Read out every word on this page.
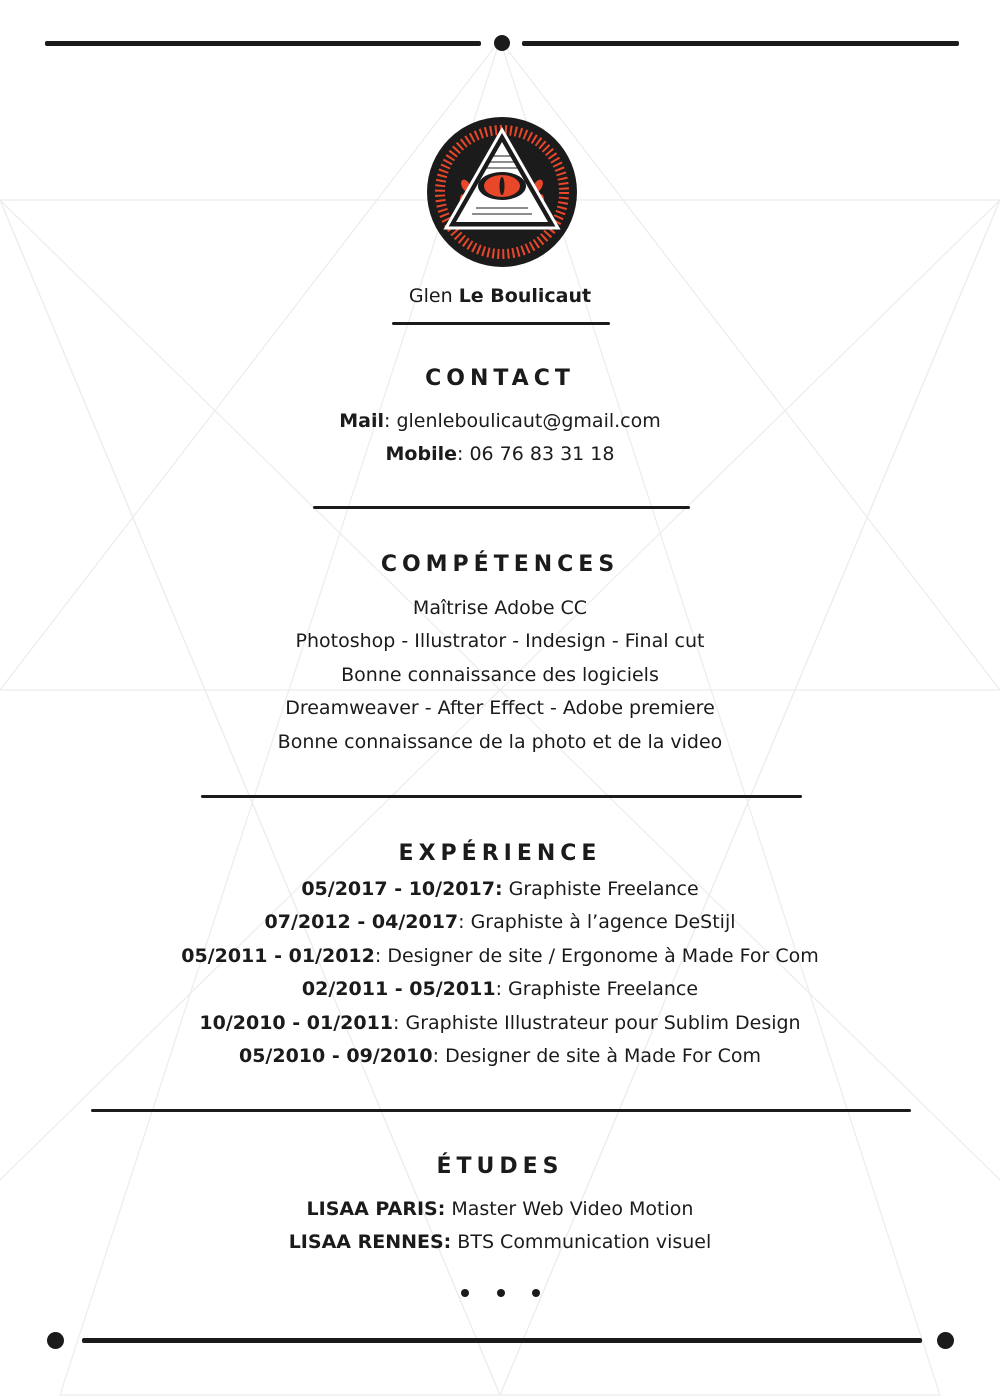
Glen Le Boulicaut
CONTACT
Mail: glenleboulicaut@gmail.com
Mobile: 06 76 83 31 18
COMPÉTENCES
Maîtrise Adobe CC
Photoshop - Illustrator - Indesign - Final cut
Bonne connaissance des logiciels
Dreamweaver - After Effect - Adobe premiere
Bonne connaissance de la photo et de la video
EXPÉRIENCE
05/2017 - 10/2017: Graphiste Freelance
07/2012 - 04/2017: Graphiste à l’agence DeStijl
05/2011 - 01/2012: Designer de site / Ergonome à Made For Com
02/2011 - 05/2011: Graphiste Freelance
10/2010 - 01/2011: Graphiste Illustrateur pour Sublim Design
05/2010 - 09/2010: Designer de site à Made For Com
ÉTUDES
LISAA PARIS: Master Web Video Motion
LISAA RENNES: BTS Communication visuel
